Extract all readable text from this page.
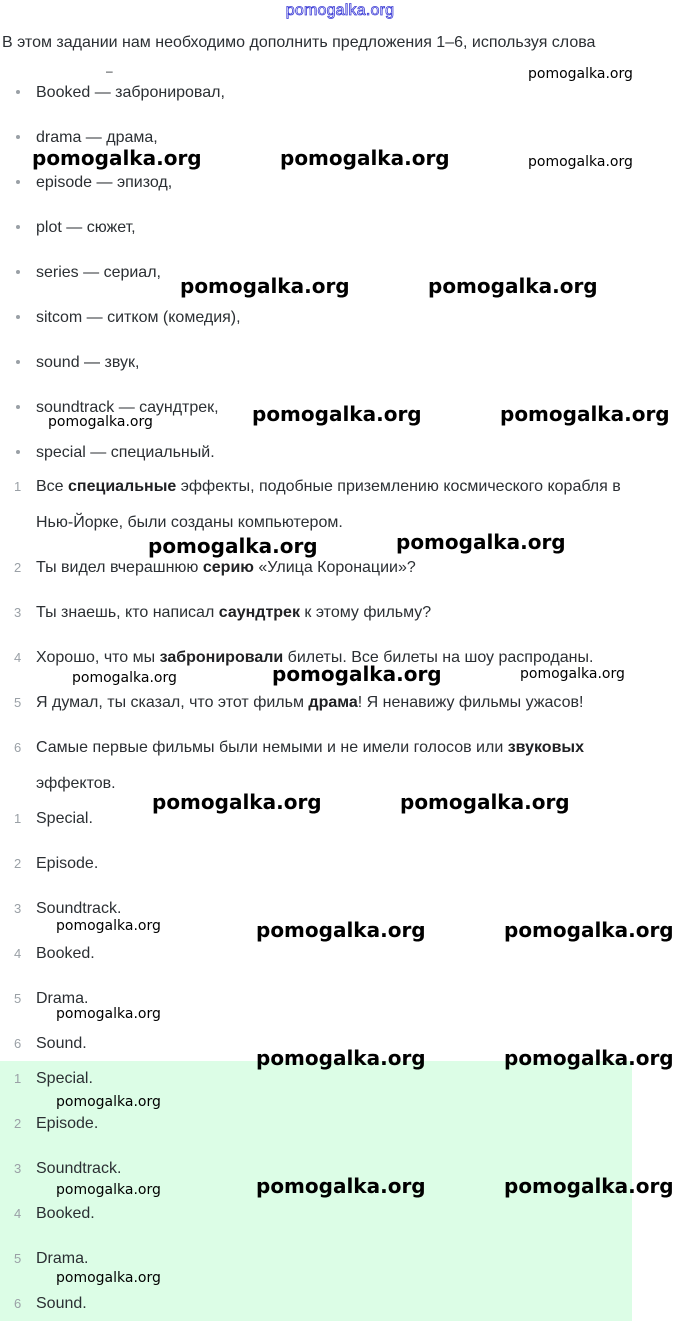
pomogalka.org
В этом задании нам необходимо дополнить предложения 1–6, используя слова
–
Booked — забронировал,
drama — драма,
episode — эпизод,
plot — сюжет,
series — сериал,
sitcom — ситком (комедия),
sound — звук,
soundtrack — саундтрек,
special — специальный.
1 Все специальные эффекты, подобные приземлению космического корабля в Нью-Йорке, были созданы компьютером.
2 Ты видел вчерашнюю серию «Улица Коронации»?
3 Ты знаешь, кто написал саундтрек к этому фильму?
4 Хорошо, что мы забронировали билеты. Все билеты на шоу распроданы.
5 Я думал, ты сказал, что этот фильм драма! Я ненавижу фильмы ужасов!
6 Самые первые фильмы были немыми и не имели голосов или звуковых эффектов.
1 Special.
2 Episode.
3 Soundtrack.
4 Booked.
5 Drama.
6 Sound.
1 Special.
2 Episode.
3 Soundtrack.
4 Booked.
5 Drama.
6 Sound.
pomogalka.org
pomogalka.org	pomogalka.org	pomogalka.org
pomogalka.org	pomogalka.org
pomogalka.org	pomogalka.org
pomogalka.org
pomogalka.org	pomogalka.org
pomogalka.org	pomogalka.org
pomogalka.org
pomogalka.org	pomogalka.org
pomogalka.org	pomogalka.org	pomogalka.org
pomogalka.org
pomogalka.org	pomogalka.org
pomogalka.org
pomogalka.org	pomogalka.org	pomogalka.org
pomogalka.org
